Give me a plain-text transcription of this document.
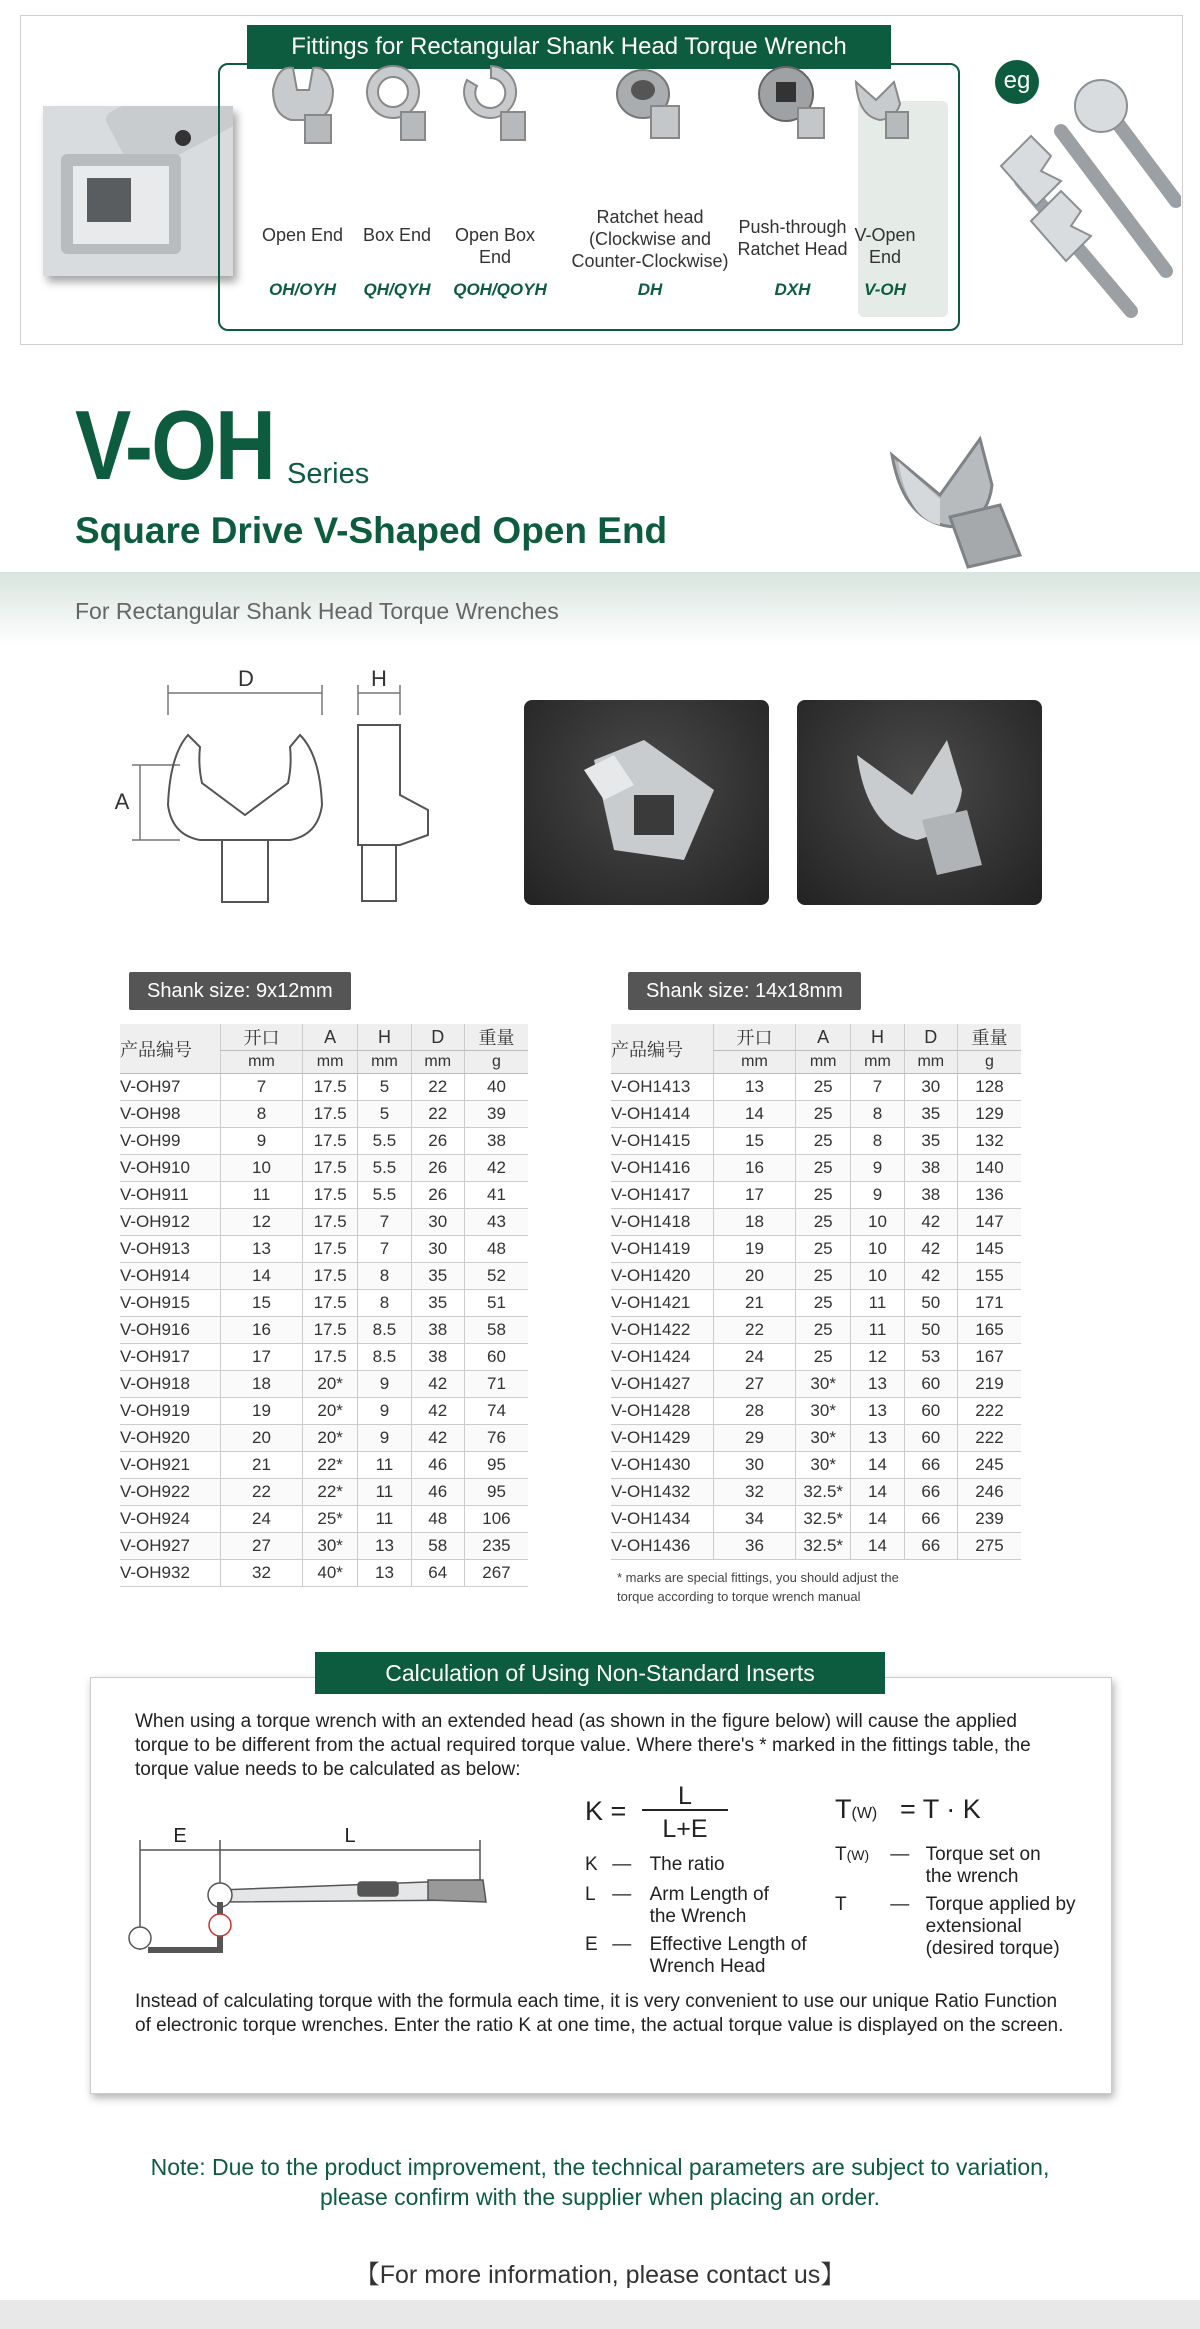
eg
Fittings for Rectangular Shank Head Torque Wrench
Open End	Box End	Open Box
End
Ratchet head
(Clockwise and
Counter-Clockwise)
Push-through
Ratchet Head
V-Open
End
OH/OYH	QH/QYH	QOH/QOYH	DH	DXH	V-OH
V-OH Series
Square Drive V-Shaped Open End
For Rectangular Shank Head Torque Wrenches
D	H
A
Shank size: 9x12mm	Shank size: 14x18mm
产品编号	开口	A	H	D	重量
	mm	mm	mm	mm	g
V-OH97	7	17.5	5	22	40
V-OH98	8	17.5	5	22	39
V-OH99	9	17.5	5.5	26	38
V-OH910	10	17.5	5.5	26	42
V-OH911	11	17.5	5.5	26	41
V-OH912	12	17.5	7	30	43
V-OH913	13	17.5	7	30	48
V-OH914	14	17.5	8	35	52
V-OH915	15	17.5	8	35	51
V-OH916	16	17.5	8.5	38	58
V-OH917	17	17.5	8.5	38	60
V-OH918	18	20*	9	42	71
V-OH919	19	20*	9	42	74
V-OH920	20	20*	9	42	76
V-OH921	21	22*	11	46	95
V-OH922	22	22*	11	46	95
V-OH924	24	25*	11	48	106
V-OH927	27	30*	13	58	235
V-OH932	32	40*	13	64	267
产品编号	开口	A	H	D	重量
	mm	mm	mm	mm	g
V-OH1413	13	25	7	30	128
V-OH1414	14	25	8	35	129
V-OH1415	15	25	8	35	132
V-OH1416	16	25	9	38	140
V-OH1417	17	25	9	38	136
V-OH1418	18	25	10	42	147
V-OH1419	19	25	10	42	145
V-OH1420	20	25	10	42	155
V-OH1421	21	25	11	50	171
V-OH1422	22	25	11	50	165
V-OH1424	24	25	12	53	167
V-OH1427	27	30*	13	60	219
V-OH1428	28	30*	13	60	222
V-OH1429	29	30*	13	60	222
V-OH1430	30	30*	14	66	245
V-OH1432	32	32.5*	14	66	246
V-OH1434	34	32.5*	14	66	239
V-OH1436	36	32.5*	14	66	275
* marks are special fittings, you should adjust the
torque according to torque wrench manual
Calculation of Using Non-Standard Inserts
When using a torque wrench with an extended head (as shown in the figure below) will cause the applied torque to be different from the actual required torque value. Where there's * marked in the fittings table, the torque value needs to be calculated as below:
E	L
K =	L
L+E
T(W) = T · K
K — The ratio
L — Arm Length of the Wrench
E — Effective Length of Wrench Head
T(W) — Torque set on the wrench
T — Torque applied by extensional (desired torque)
Instead of calculating torque with the formula each time, it is very convenient to use our unique Ratio Function of electronic torque wrenches. Enter the ratio K at one time, the actual torque value is displayed on the screen.
Note: Due to the product improvement, the technical parameters are subject to variation,
please confirm with the supplier when placing an order.
【For more information, please contact us】
